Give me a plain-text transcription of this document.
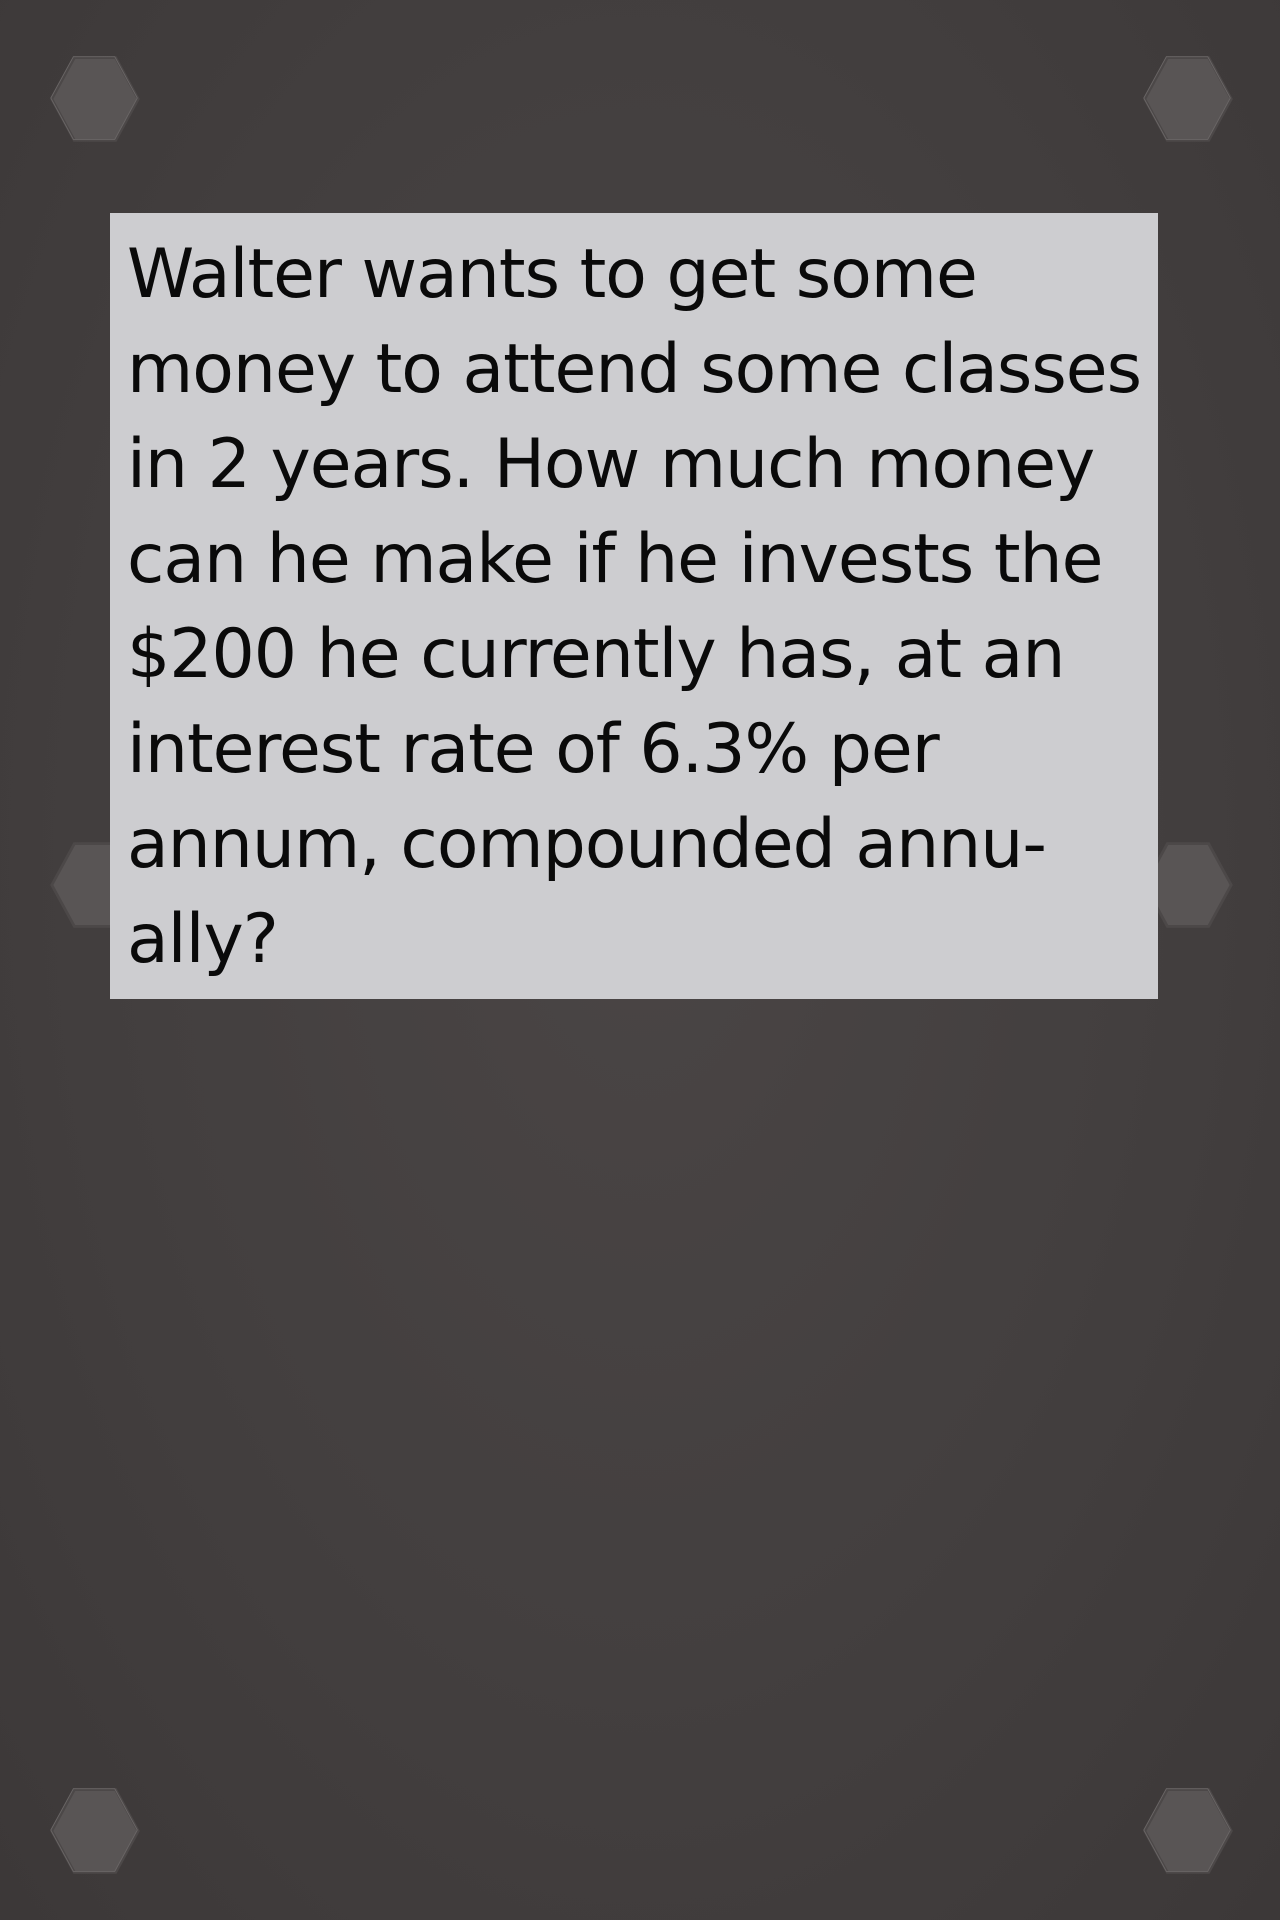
Walter wants to get some
money to attend some classes
in 2 years. How much money
can he make if he invests the
$200 he currently has, at an
interest rate of 6.3% per
annum, compounded annu-
ally?
